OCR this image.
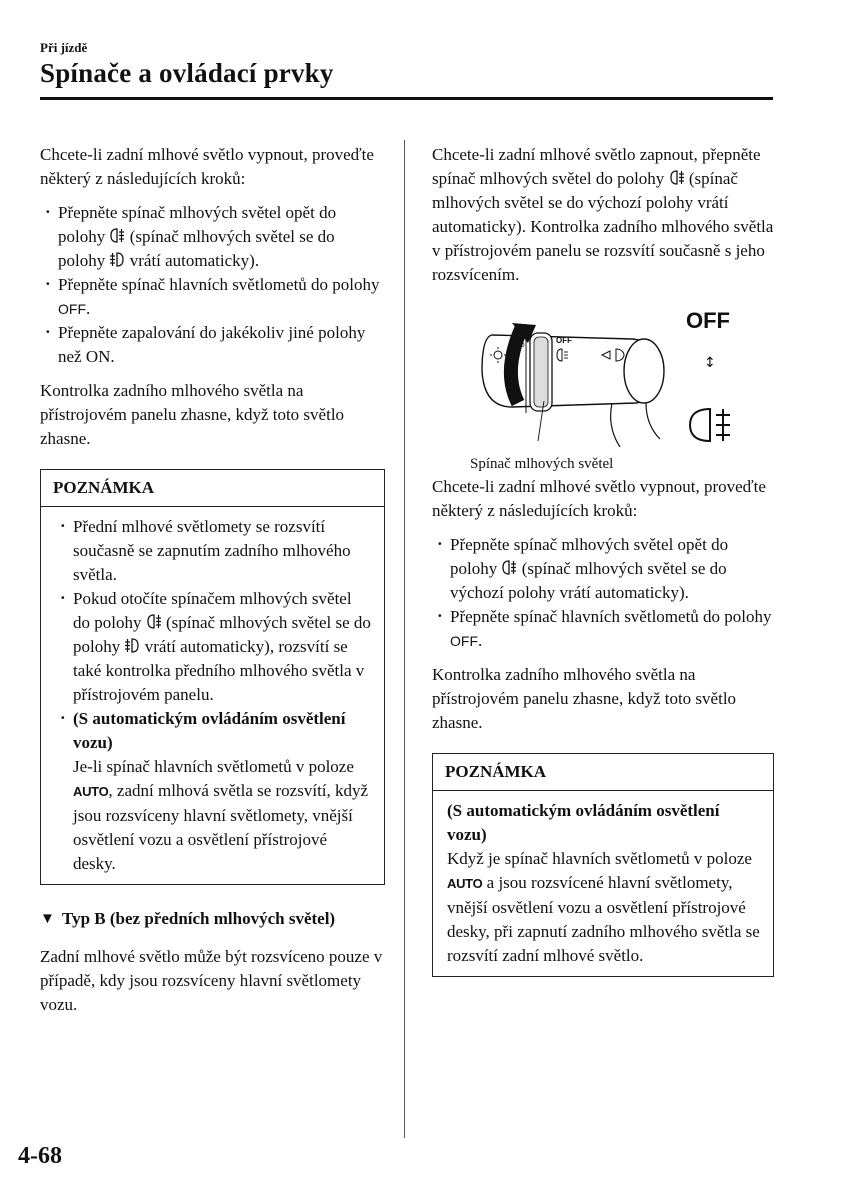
Při jízdě
Spínače a ovládací prvky

Chcete-li zadní mlhové světlo vypnout, proveďte některý z následujících kroků:

· Přepněte spínač mlhových světel opět do polohy (spínač mlhových světel se do polohy vrátí automaticky).

· Přepněte spínač hlavních světlometů do polohy OFF.

· Přepněte zapalování do jakékoliv jiné polohy než ON.

Kontrolka zadního mlhového světla na přístrojovém panelu zhasne, když toto světlo zhasne.

POZNÁMKA

· Přední mlhové světlomety se rozsvítí současně se zapnutím zadního mlhového světla.

· Pokud otočíte spínačem mlhových světel do polohy (spínač mlhových světel se do polohy vrátí automaticky), rozsvítí se také kontrolka předního mlhového světla v přístrojovém panelu.

· (S automatickým ovládáním osvětlení vozu)

Je-li spínač hlavních světlometů v poloze AUTO, zadní mlhová světla se rozsvítí, když jsou rozsvíceny hlavní světlomety, vnější osvětlení vozu a osvětlení přístrojové desky.

▼ Typ B (bez předních mlhových světel)

Zadní mlhové světlo může být rozsvíceno pouze v případě, kdy jsou rozsvíceny hlavní světlomety vozu.

Chcete-li zadní mlhové světlo zapnout, přepněte spínač mlhových světel do polohy (spínač mlhových světel se do výchozí polohy vrátí automaticky). Kontrolka zadního mlhového světla v přístrojovém panelu se rozsvítí současně s jeho rozsvícením.

OFF
AUTO
OFF
↕
Spínač mlhových světel

Chcete-li zadní mlhové světlo vypnout, proveďte některý z následujících kroků:

· Přepněte spínač mlhových světel opět do polohy (spínač mlhových světel se do výchozí polohy vrátí automaticky).

· Přepněte spínač hlavních světlometů do polohy OFF.

Kontrolka zadního mlhového světla na přístrojovém panelu zhasne, když toto světlo zhasne.

POZNÁMKA

(S automatickým ovládáním osvětlení vozu)

Když je spínač hlavních světlometů v poloze AUTO a jsou rozsvícené hlavní světlomety, vnější osvětlení vozu a osvětlení přístrojové desky, při zapnutí zadního mlhového světla se rozsvítí zadní mlhové světlo.

4-68
